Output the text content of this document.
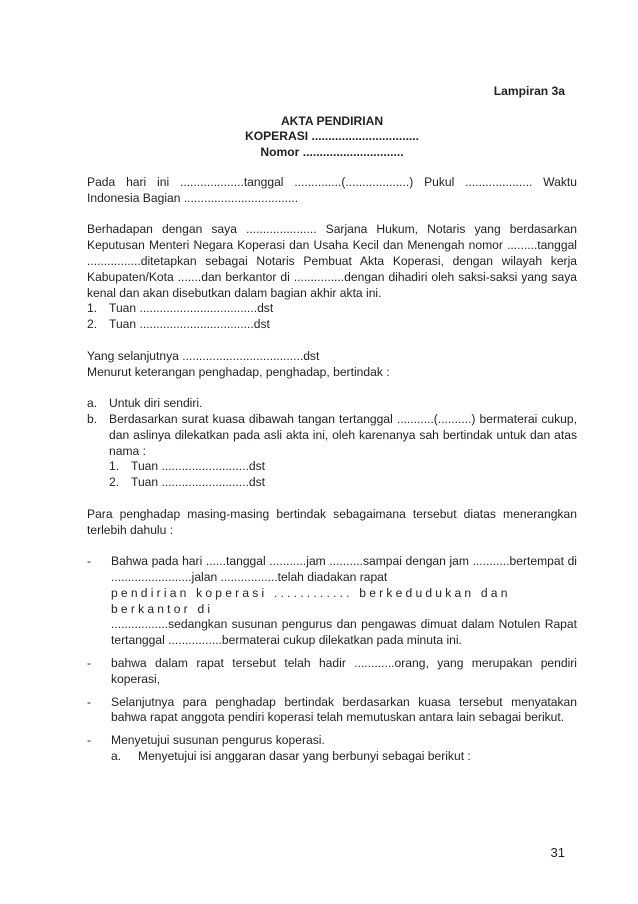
Lampiran 3a
AKTA PENDIRIAN
KOPERASI ................................
Nomor ..............................

Pada hari ini ...................tanggal ..............(...................) Pukul .................... Waktu Indonesia Bagian ..................................

Berhadapan dengan saya ..................... Sarjana Hukum, Notaris yang berdasarkan Keputusan Menteri Negara Koperasi dan Usaha Kecil dan Menengah nomor .........tanggal ................ditetapkan sebagai Notaris Pembuat Akta Koperasi, dengan wilayah kerja Kabupaten/Kota .......dan berkantor di ...............dengan dihadiri oleh saksi-saksi yang saya kenal dan akan disebutkan dalam bagian akhir akta ini.

1. Tuan ...................................dst
2. Tuan ..................................dst

Yang selanjutnya ....................................dst

Menurut keterangan penghadap, penghadap, bertindak :

a. Untuk diri sendiri.
b. Berdasarkan surat kuasa dibawah tangan tertanggal ...........(..........) bermaterai cukup, dan aslinya dilekatkan pada asli akta ini, oleh karenanya sah bertindak untuk dan atas nama :
1. Tuan ..........................dst
2. Tuan ..........................dst

Para penghadap masing-masing bertindak sebagaimana tersebut diatas menerangkan terlebih dahulu :

-	Bahwa pada hari ......tanggal ...........jam ..........sampai dengan jam ...........bertempat di ........................jalan .................telah diadakan rapat

pendirian koperasi ............ berkedudukan dan berkantor di

.................sedangkan susunan pengurus dan pengawas dimuat dalam Notulen Rapat tertanggal ................bermaterai cukup dilekatkan pada minuta ini.

-	bahwa dalam rapat tersebut telah hadir ............orang, yang merupakan pendiri koperasi,
-	Selanjutnya para penghadap bertindak berdasarkan kuasa tersebut menyatakan bahwa rapat anggota pendiri koperasi telah memutuskan antara lain sebagai berikut.
-	Menyetujui susunan pengurus koperasi.

a.	Menyetujui isi anggaran dasar yang berbunyi sebagai berikut :
31
